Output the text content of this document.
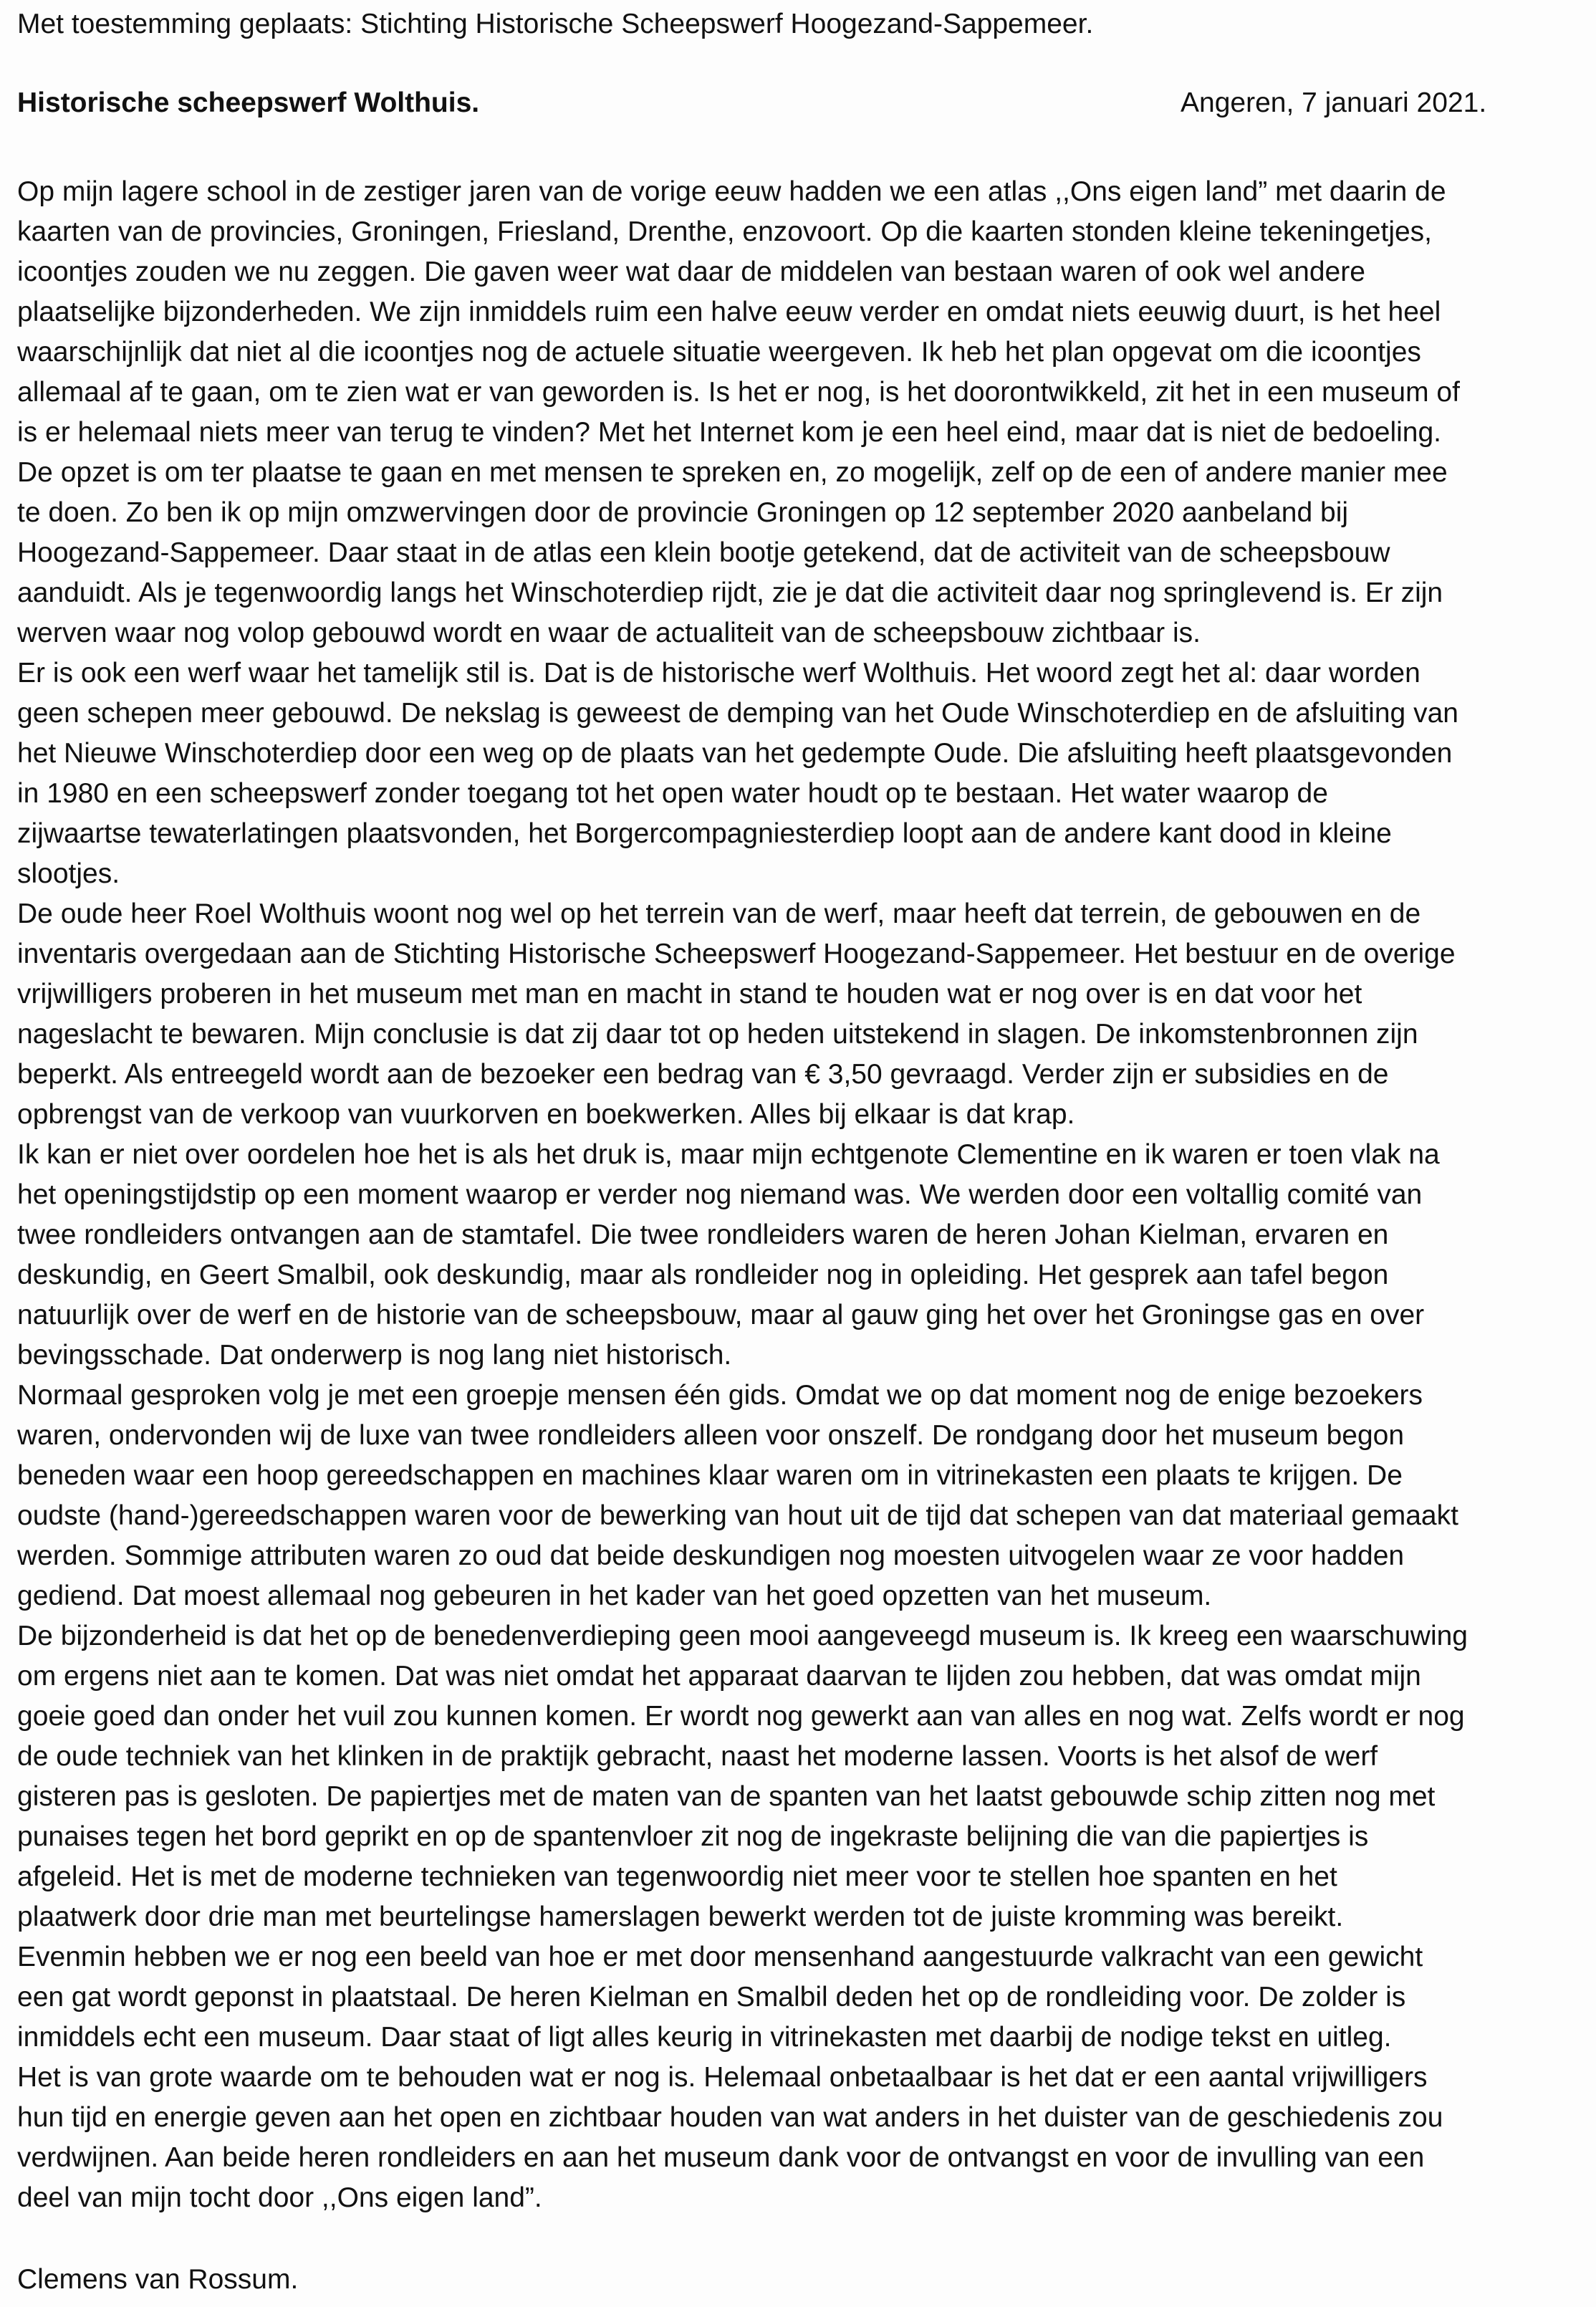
Met toestemming geplaats: Stichting Historische Scheepswerf Hoogezand-Sappemeer.
Historische scheepswerf Wolthuis.	Angeren, 7 januari 2021.
Op mijn lagere school in de zestiger jaren van de vorige eeuw hadden we een atlas ,,Ons eigen land” met daarin de
kaarten van de provincies, Groningen, Friesland, Drenthe, enzovoort. Op die kaarten stonden kleine tekeningetjes,
icoontjes zouden we nu zeggen. Die gaven weer wat daar de middelen van bestaan waren of ook wel andere
plaatselijke bijzonderheden. We zijn inmiddels ruim een halve eeuw verder en omdat niets eeuwig duurt, is het heel
waarschijnlijk dat niet al die icoontjes nog de actuele situatie weergeven. Ik heb het plan opgevat om die icoontjes
allemaal af te gaan, om te zien wat er van geworden is. Is het er nog, is het doorontwikkeld, zit het in een museum of
is er helemaal niets meer van terug te vinden? Met het Internet kom je een heel eind, maar dat is niet de bedoeling.
De opzet is om ter plaatse te gaan en met mensen te spreken en, zo mogelijk, zelf op de een of andere manier mee
te doen. Zo ben ik op mijn omzwervingen door de provincie Groningen op 12 september 2020 aanbeland bij
Hoogezand-Sappemeer. Daar staat in de atlas een klein bootje getekend, dat de activiteit van de scheepsbouw
aanduidt. Als je tegenwoordig langs het Winschoterdiep rijdt, zie je dat die activiteit daar nog springlevend is. Er zijn
werven waar nog volop gebouwd wordt en waar de actualiteit van de scheepsbouw zichtbaar is.
Er is ook een werf waar het tamelijk stil is. Dat is de historische werf Wolthuis. Het woord zegt het al: daar worden
geen schepen meer gebouwd. De nekslag is geweest de demping van het Oude Winschoterdiep en de afsluiting van
het Nieuwe Winschoterdiep door een weg op de plaats van het gedempte Oude. Die afsluiting heeft plaatsgevonden
in 1980 en een scheepswerf zonder toegang tot het open water houdt op te bestaan. Het water waarop de
zijwaartse tewaterlatingen plaatsvonden, het Borgercompagniesterdiep loopt aan de andere kant dood in kleine
slootjes.
De oude heer Roel Wolthuis woont nog wel op het terrein van de werf, maar heeft dat terrein, de gebouwen en de
inventaris overgedaan aan de Stichting Historische Scheepswerf Hoogezand-Sappemeer. Het bestuur en de overige
vrijwilligers proberen in het museum met man en macht in stand te houden wat er nog over is en dat voor het
nageslacht te bewaren. Mijn conclusie is dat zij daar tot op heden uitstekend in slagen. De inkomstenbronnen zijn
beperkt. Als entreegeld wordt aan de bezoeker een bedrag van € 3,50 gevraagd. Verder zijn er subsidies en de
opbrengst van de verkoop van vuurkorven en boekwerken. Alles bij elkaar is dat krap.
Ik kan er niet over oordelen hoe het is als het druk is, maar mijn echtgenote Clementine en ik waren er toen vlak na
het openingstijdstip op een moment waarop er verder nog niemand was. We werden door een voltallig comité van
twee rondleiders ontvangen aan de stamtafel. Die twee rondleiders waren de heren Johan Kielman, ervaren en
deskundig, en Geert Smalbil, ook deskundig, maar als rondleider nog in opleiding. Het gesprek aan tafel begon
natuurlijk over de werf en de historie van de scheepsbouw, maar al gauw ging het over het Groningse gas en over
bevingsschade. Dat onderwerp is nog lang niet historisch.
Normaal gesproken volg je met een groepje mensen één gids. Omdat we op dat moment nog de enige bezoekers
waren, ondervonden wij de luxe van twee rondleiders alleen voor onszelf. De rondgang door het museum begon
beneden waar een hoop gereedschappen en machines klaar waren om in vitrinekasten een plaats te krijgen. De
oudste (hand-)gereedschappen waren voor de bewerking van hout uit de tijd dat schepen van dat materiaal gemaakt
werden. Sommige attributen waren zo oud dat beide deskundigen nog moesten uitvogelen waar ze voor hadden
gediend. Dat moest allemaal nog gebeuren in het kader van het goed opzetten van het museum.
De bijzonderheid is dat het op de benedenverdieping geen mooi aangeveegd museum is. Ik kreeg een waarschuwing
om ergens niet aan te komen. Dat was niet omdat het apparaat daarvan te lijden zou hebben, dat was omdat mijn
goeie goed dan onder het vuil zou kunnen komen. Er wordt nog gewerkt aan van alles en nog wat. Zelfs wordt er nog
de oude techniek van het klinken in de praktijk gebracht, naast het moderne lassen. Voorts is het alsof de werf
gisteren pas is gesloten. De papiertjes met de maten van de spanten van het laatst gebouwde schip zitten nog met
punaises tegen het bord geprikt en op de spantenvloer zit nog de ingekraste belijning die van die papiertjes is
afgeleid. Het is met de moderne technieken van tegenwoordig niet meer voor te stellen hoe spanten en het
plaatwerk door drie man met beurtelingse hamerslagen bewerkt werden tot de juiste kromming was bereikt.
Evenmin hebben we er nog een beeld van hoe er met door mensenhand aangestuurde valkracht van een gewicht
een gat wordt geponst in plaatstaal. De heren Kielman en Smalbil deden het op de rondleiding voor. De zolder is
inmiddels echt een museum. Daar staat of ligt alles keurig in vitrinekasten met daarbij de nodige tekst en uitleg.
Het is van grote waarde om te behouden wat er nog is. Helemaal onbetaalbaar is het dat er een aantal vrijwilligers
hun tijd en energie geven aan het open en zichtbaar houden van wat anders in het duister van de geschiedenis zou
verdwijnen. Aan beide heren rondleiders en aan het museum dank voor de ontvangst en voor de invulling van een
deel van mijn tocht door ,,Ons eigen land”.
Clemens van Rossum.
